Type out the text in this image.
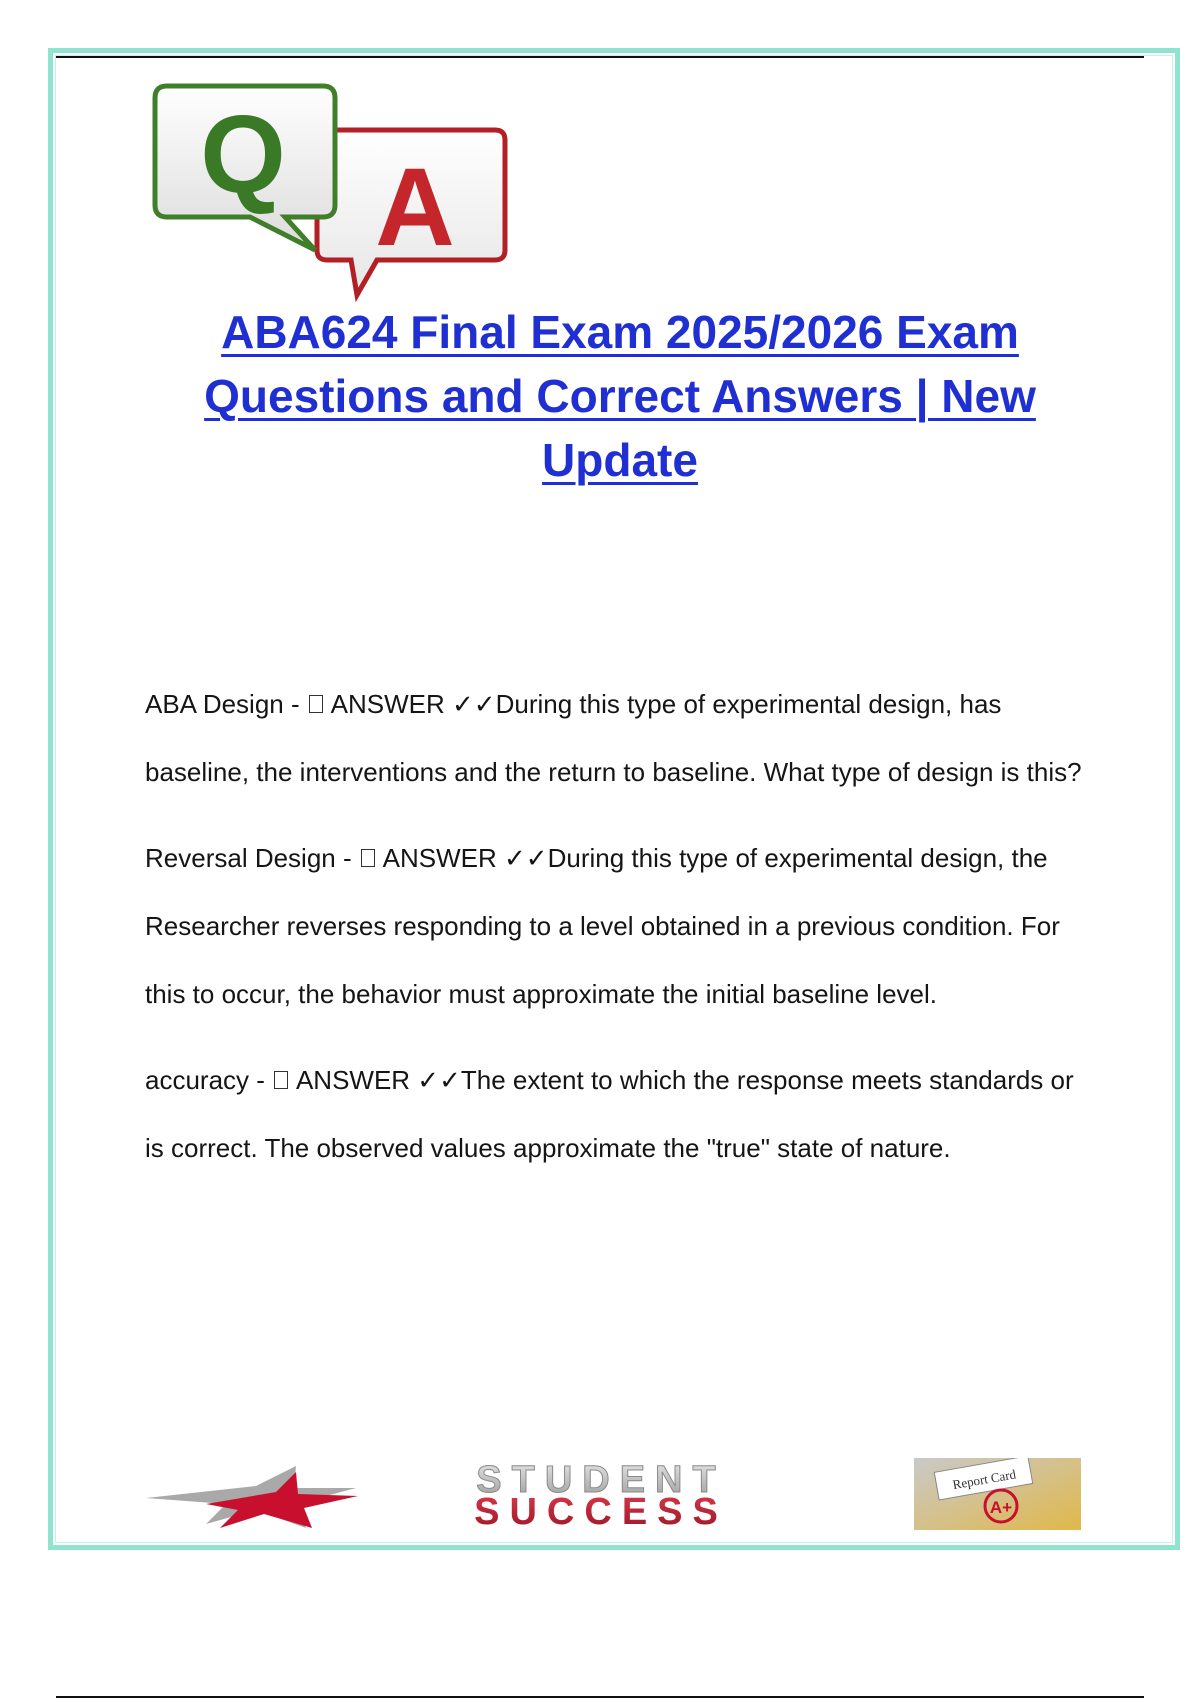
A
Q
ABA624 Final Exam 2025/2026 Exam Questions and Correct Answers | New Update

ABA Design -  ANSWER ✓✓During this type of experimental design, has baseline, the interventions and the return to baseline. What type of design is this?

Reversal Design -  ANSWER ✓✓During this type of experimental design, the Researcher reverses responding to a level obtained in a previous condition. For this to occur, the behavior must approximate the initial baseline level.

accuracy -  ANSWER ✓✓The extent to which the response meets standards or is correct. The observed values approximate the "true" state of nature.

STUDENT
SUCCESS
Report Card
A+
